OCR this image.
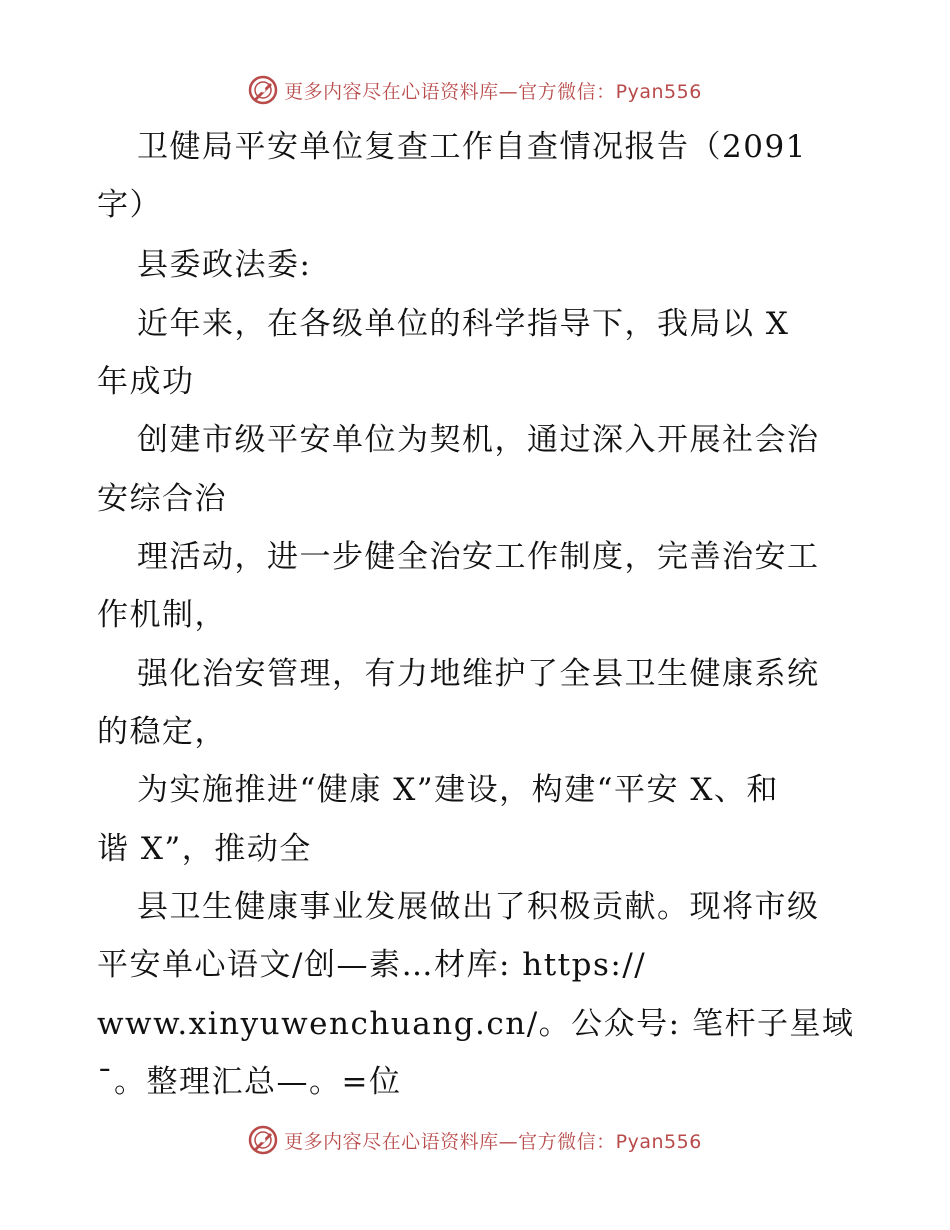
更多内容尽在心语资料库—官方微信：Pyan556
卫健局平安单位复查工作自查情况报告（2091
字）
县委政法委:
近年来，在各级单位的科学指导下，我局以 X
年成功
创建市级平安单位为契机，通过深入开展社会治
安综合治
理活动，进一步健全治安工作制度，完善治安工
作机制，
强化治安管理，有力地维护了全县卫生健康系统
的稳定，
为实施推进“健康 X”建设，构建“平安 X、和
谐 X”，推动全
县卫生健康事业发展做出了积极贡献。现将市级
平安单心语文/创—素…材库: https://
www.xinyuwenchuang.cn/。公众号: 笔杆子星域
¯。整理汇总—。=位
更多内容尽在心语资料库—官方微信：Pyan556
